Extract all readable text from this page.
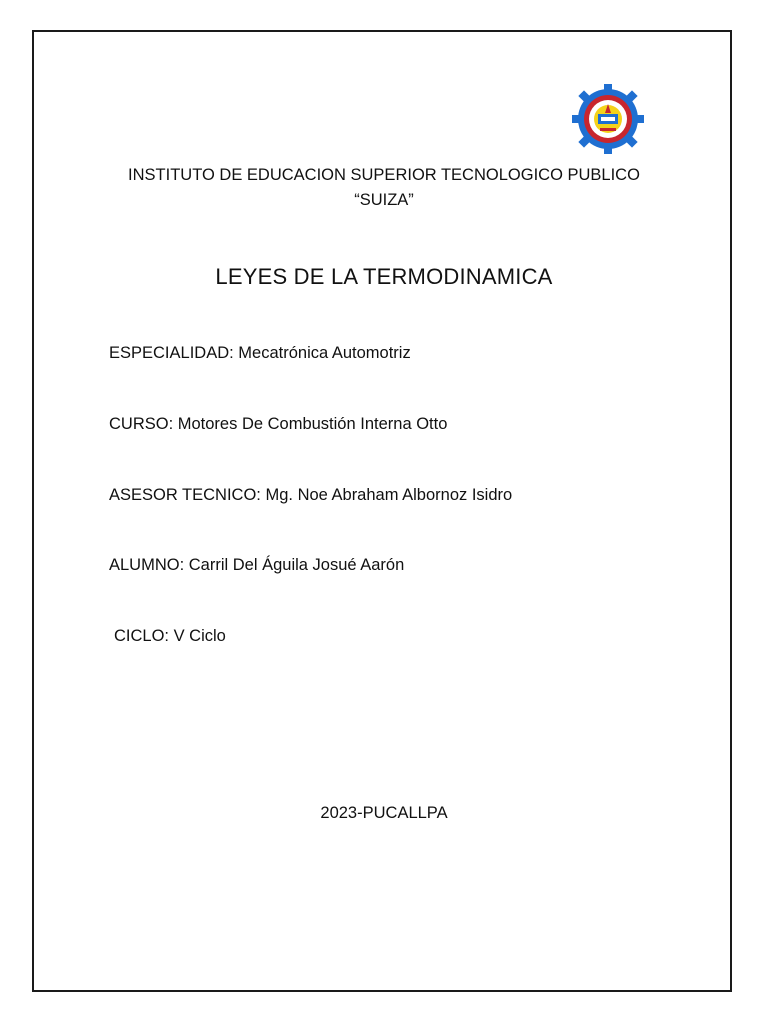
INSTITUTO DE EDUCACION SUPERIOR TECNOLOGICO PUBLICO
“SUIZA”
LEYES DE LA TERMODINAMICA
ESPECIALIDAD: Mecatrónica Automotriz
CURSO: Motores De Combustión Interna Otto
ASESOR TECNICO: Mg. Noe Abraham Albornoz Isidro
ALUMNO: Carril Del Águila Josué Aarón
CICLO: V Ciclo
2023-PUCALLPA
